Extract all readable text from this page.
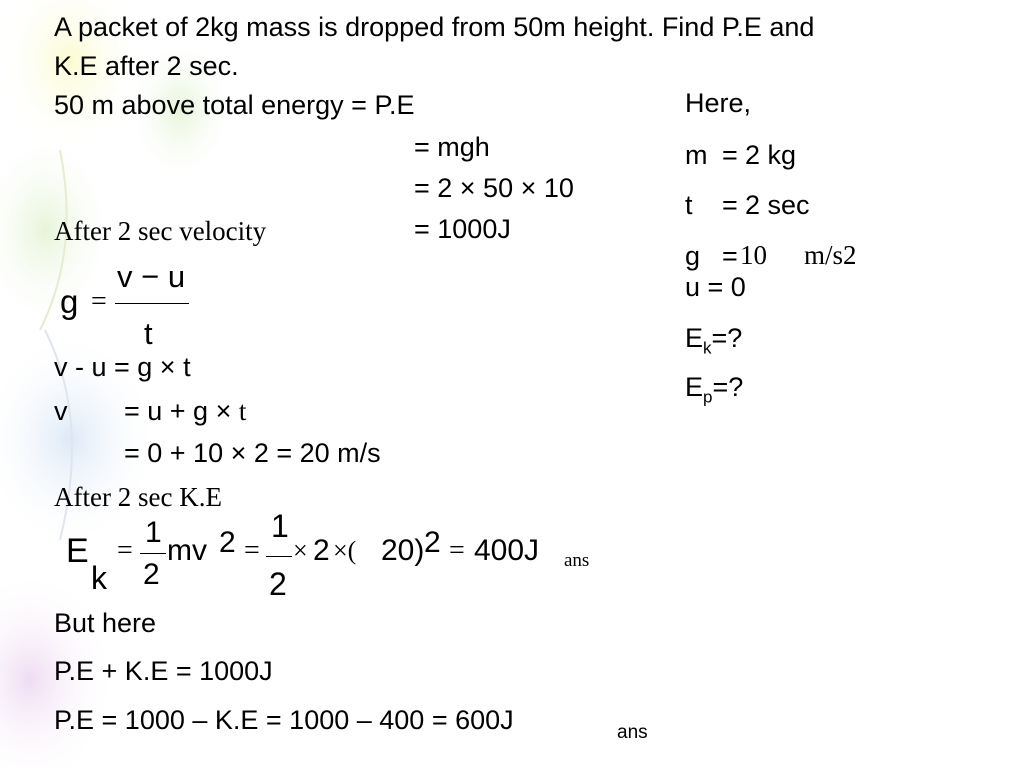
A packet of 2kg mass is dropped from 50m height. Find P.E and
K.E after 2 sec.
50 m above total energy = P.E
= mgh
= 2 × 50 × 10
= 1000J
Here,
m = 2 kg
t = 2 sec
g = 10 m/s2
u = 0
$E_k=$?
$E_p=$?
After 2 sec velocity
g =
v − u
t
v - u = g × t
v = u + g × t
= 0 + 10 × 2 = 20 m/s
After 2 sec K.E
E
k
=
1
2
mv 2 =
1
2
× 2 ×( 20) 2 = 400J ans
But here
P.E + K.E = 1000J
P.E = 1000 – K.E = 1000 – 400 = 600J	ans
